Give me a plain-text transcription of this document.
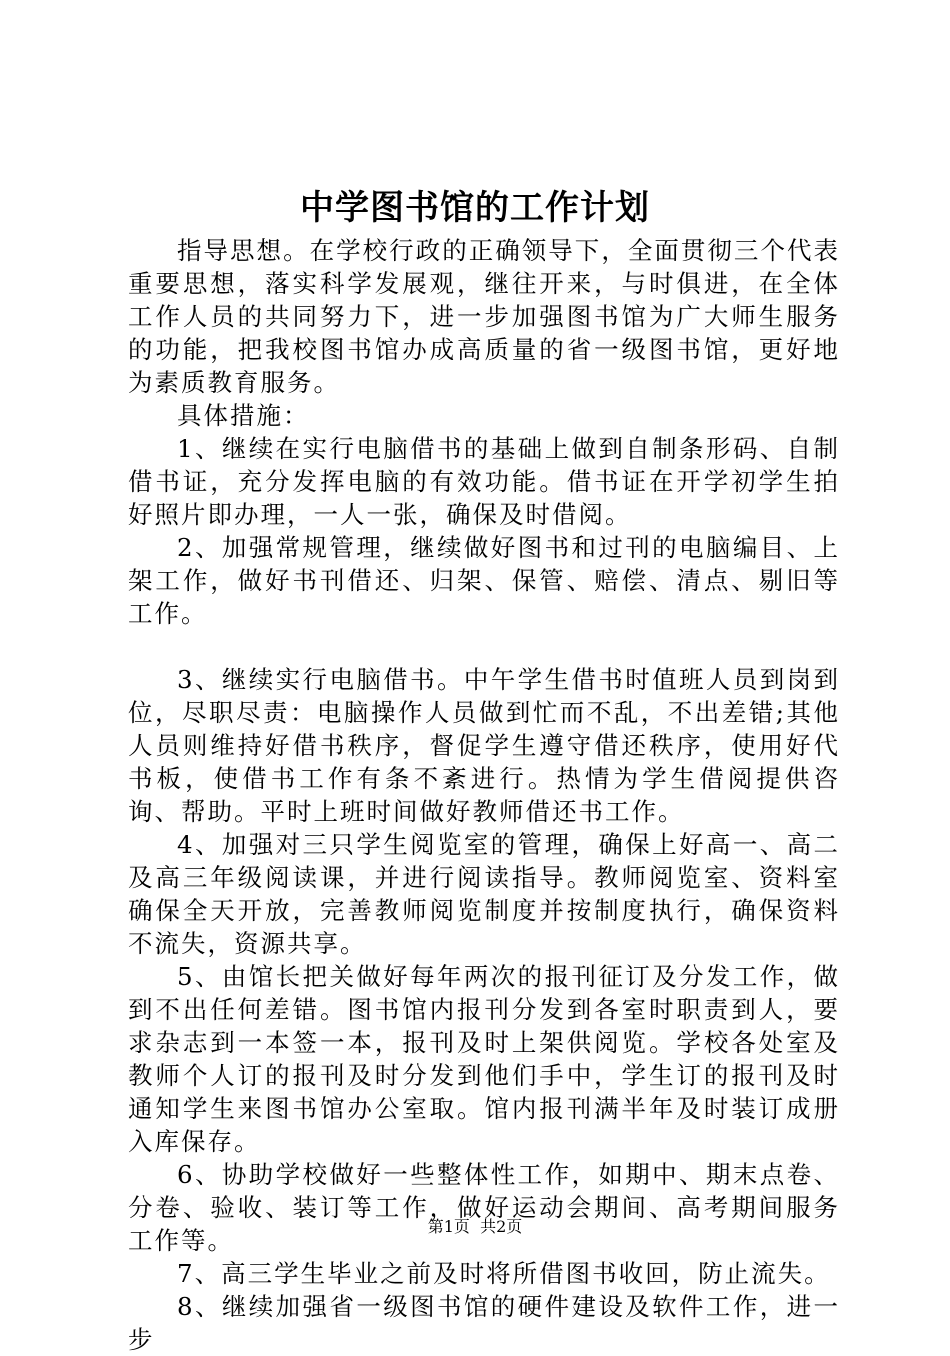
中学图书馆的工作计划

指导思想。在学校行政的正确领导下，全面贯彻三个代表重要思想，落实科学发展观，继往开来，与时俱进，在全体工作人员的共同努力下，进一步加强图书馆为广大师生服务的功能，把我校图书馆办成高质量的省一级图书馆，更好地为素质教育服务。

具体措施：

1、继续在实行电脑借书的基础上做到自制条形码、自制借书证，充分发挥电脑的有效功能。借书证在开学初学生拍好照片即办理，一人一张，确保及时借阅。

2、加强常规管理，继续做好图书和过刊的电脑编目、上架工作，做好书刊借还、归架、保管、赔偿、清点、剔旧等工作。

3、继续实行电脑借书。中午学生借书时值班人员到岗到位，尽职尽责：电脑操作人员做到忙而不乱，不出差错;其他人员则维持好借书秩序，督促学生遵守借还秩序，使用好代书板，使借书工作有条不紊进行。热情为学生借阅提供咨询、帮助。平时上班时间做好教师借还书工作。

4、加强对三只学生阅览室的管理，确保上好高一、高二及高三年级阅读课，并进行阅读指导。教师阅览室、资料室确保全天开放，完善教师阅览制度并按制度执行，确保资料不流失，资源共享。

5、由馆长把关做好每年两次的报刊征订及分发工作，做到不出任何差错。图书馆内报刊分发到各室时职责到人，要求杂志到一本签一本，报刊及时上架供阅览。学校各处室及教师个人订的报刊及时分发到他们手中，学生订的报刊及时通知学生来图书馆办公室取。馆内报刊满半年及时装订成册入库保存。

6、协助学校做好一些整体性工作，如期中、期末点卷、分卷、验收、装订等工作，做好运动会期间、高考期间服务工作等。

7、高三学生毕业之前及时将所借图书收回，防止流失。

8、继续加强省一级图书馆的硬件建设及软件工作，进一步

第1页 共2页
